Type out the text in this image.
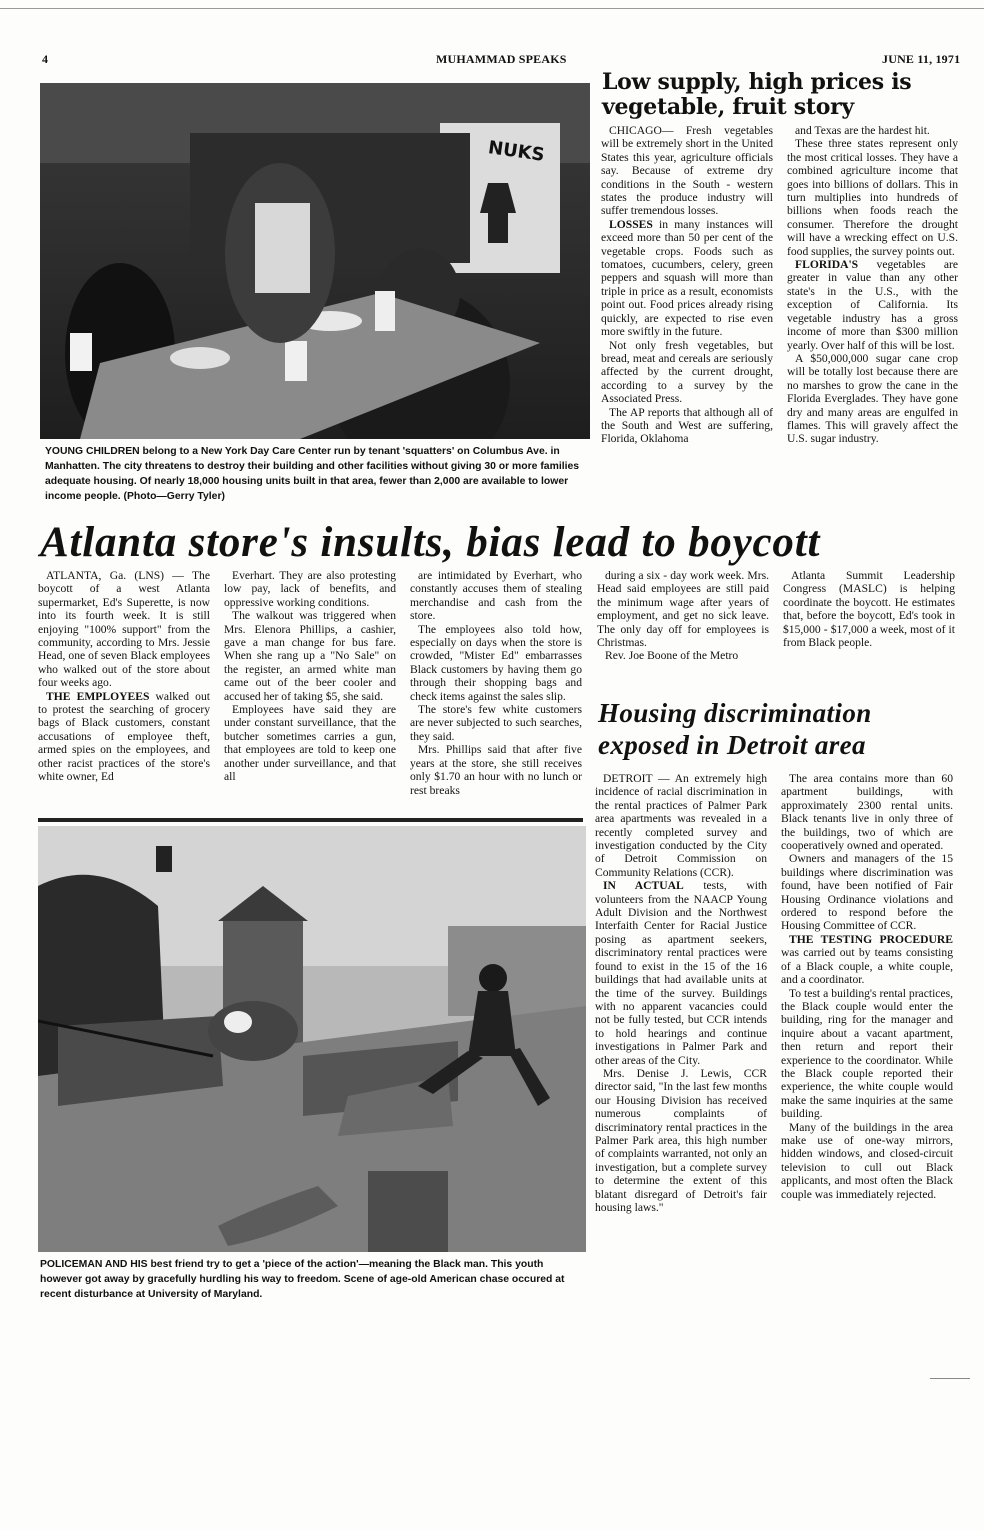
4	MUHAMMAD SPEAKS	JUNE 11, 1971
NUKS
YOUNG CHILDREN belong to a New York Day Care Center run by tenant 'squatters' on Columbus Ave. in Manhatten. The city threatens to destroy their building and other facilities without giving 30 or more families adequate housing. Of nearly 18,000 housing units built in that area, fewer than 2,000 are available to lower income people. (Photo—Gerry Tyler)
Low supply, high prices is vegetable, fruit story

CHICAGO— Fresh vegetables will be extremely short in the United States this year, agriculture officials say. Because of extreme dry conditions in the South - western states the produce industry will suffer tremendous losses.

LOSSES in many instances will exceed more than 50 per cent of the vegetable crops. Foods such as tomatoes, cucumbers, celery, green peppers and squash will more than triple in price as a result, economists point out. Food prices already rising quickly, are expected to rise even more swiftly in the future.

Not only fresh vegetables, but bread, meat and cereals are seriously affected by the current drought, according to a survey by the Associated Press.

The AP reports that although all of the South and West are suffering, Florida, Oklahoma

and Texas are the hardest hit.

These three states represent only the most critical losses. They have a combined agriculture income that goes into billions of dollars. This in turn multiplies into hundreds of billions when foods reach the consumer. Therefore the drought will have a wrecking effect on U.S. food supplies, the survey points out.

FLORIDA'S vegetables are greater in value than any other state's in the U.S., with the exception of California. Its vegetable industry has a gross income of more than $300 million yearly. Over half of this will be lost.

A $50,000,000 sugar cane crop will be totally lost because there are no marshes to grow the cane in the Florida Everglades. They have gone dry and many areas are engulfed in flames. This will gravely affect the U.S. sugar industry.

Atlanta store's insults, bias lead to boycott

ATLANTA, Ga. (LNS) — The boycott of a west Atlanta supermarket, Ed's Superette, is now into its fourth week. It is still enjoying "100% support" from the community, according to Mrs. Jessie Head, one of seven Black employees who walked out of the store about four weeks ago.

THE EMPLOYEES walked out to protest the searching of grocery bags of Black customers, constant accusations of employee theft, armed spies on the employees, and other racist practices of the store's white owner, Ed

Everhart. They are also protesting low pay, lack of benefits, and oppressive working conditions.

The walkout was triggered when Mrs. Elenora Phillips, a cashier, gave a man change for bus fare. When she rang up a "No Sale" on the register, an armed white man came out of the beer cooler and accused her of taking $5, she said.

Employees have said they are under constant surveillance, that the butcher sometimes carries a gun, that employees are told to keep one another under surveillance, and that all

are intimidated by Everhart, who constantly accuses them of stealing merchandise and cash from the store.

The employees also told how, especially on days when the store is crowded, "Mister Ed" embarrasses Black customers by having them go through their shopping bags and check items against the sales slip.

The store's few white customers are never subjected to such searches, they said.

Mrs. Phillips said that after five years at the store, she still receives only $1.70 an hour with no lunch or rest breaks

during a six - day work week. Mrs. Head said employees are still paid the minimum wage after years of employment, and get no sick leave. The only day off for employees is Christmas.

Rev. Joe Boone of the Metro

Atlanta Summit Leadership Congress (MASLC) is helping coordinate the boycott. He estimates that, before the boycott, Ed's took in $15,000 - $17,000 a week, most of it from Black people.

POLICEMAN AND HIS best friend try to get a 'piece of the action'—meaning the Black man. This youth however got away by gracefully hurdling his way to freedom. Scene of age-old American chase occured at recent disturbance at University of Maryland.
Housing discrimination exposed in Detroit area

DETROIT — An extremely high incidence of racial discrimination in the rental practices of Palmer Park area apartments was revealed in a recently completed survey and investigation conducted by the City of Detroit Commission on Community Relations (CCR).

IN ACTUAL tests, with volunteers from the NAACP Young Adult Division and the Northwest Interfaith Center for Racial Justice posing as apartment seekers, discriminatory rental practices were found to exist in the 15 of the 16 buildings that had available units at the time of the survey. Buildings with no apparent vacancies could not be fully tested, but CCR intends to hold hearings and continue investigations in Palmer Park and other areas of the City.

Mrs. Denise J. Lewis, CCR director said, "In the last few months our Housing Division has received numerous complaints of discriminatory rental practices in the Palmer Park area, this high number of complaints warranted, not only an investigation, but a complete survey to determine the extent of this blatant disregard of Detroit's fair housing laws."

The area contains more than 60 apartment buildings, with approximately 2300 rental units. Black tenants live in only three of the buildings, two of which are cooperatively owned and operated.

Owners and managers of the 15 buildings where discrimination was found, have been notified of Fair Housing Ordinance violations and ordered to respond before the Housing Committee of CCR.

THE TESTING PROCEDURE was carried out by teams consisting of a Black couple, a white couple, and a coordinator.

To test a building's rental practices, the Black couple would enter the building, ring for the manager and inquire about a vacant apartment, then return and report their experience to the coordinator. While the Black couple reported their experience, the white couple would make the same inquiries at the same building.

Many of the buildings in the area make use of one-way mirrors, hidden windows, and closed-circuit television to cull out Black applicants, and most often the Black couple was immediately rejected.
